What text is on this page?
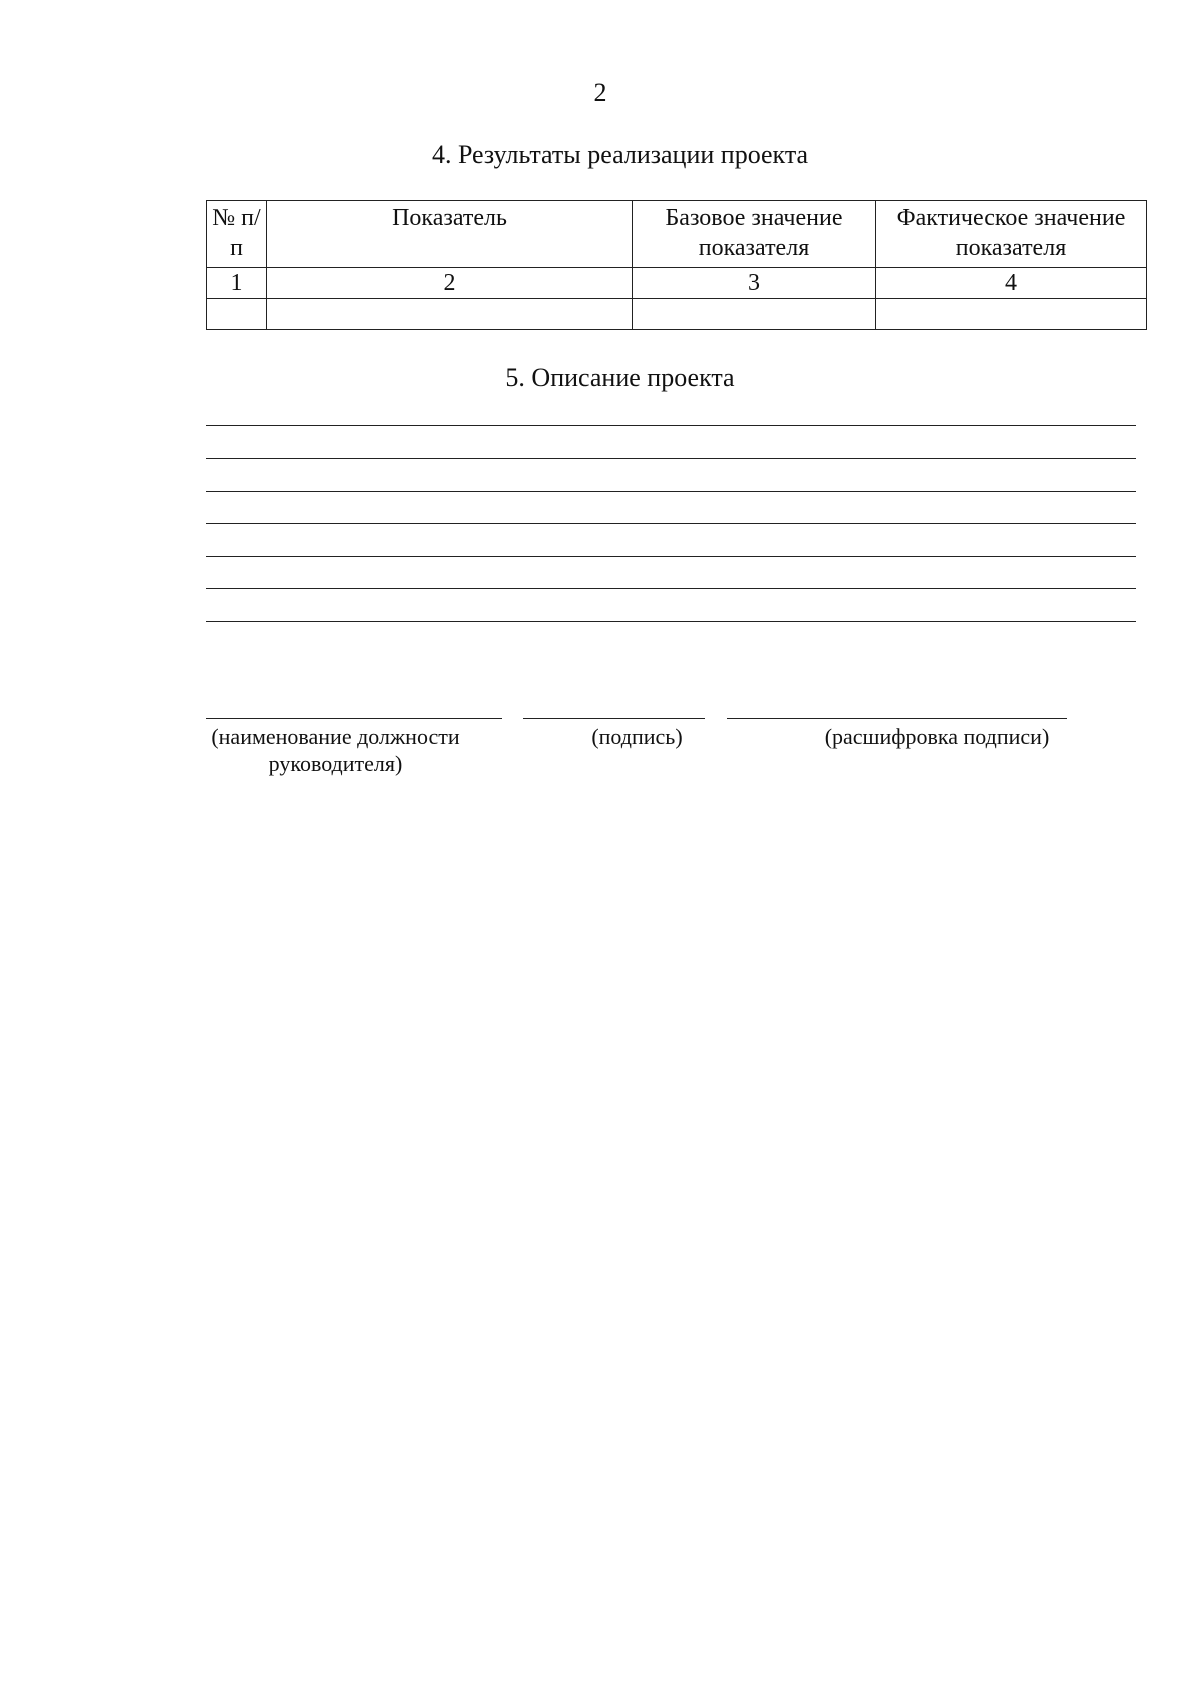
2
4. Результаты реализации проекта
№ п/п	Показатель	Базовое значение показателя	Фактическое значение показателя
1	2	3	4

5. Описание проекта
(наименование должности руководителя)
(подпись)	(расшифровка подписи)
